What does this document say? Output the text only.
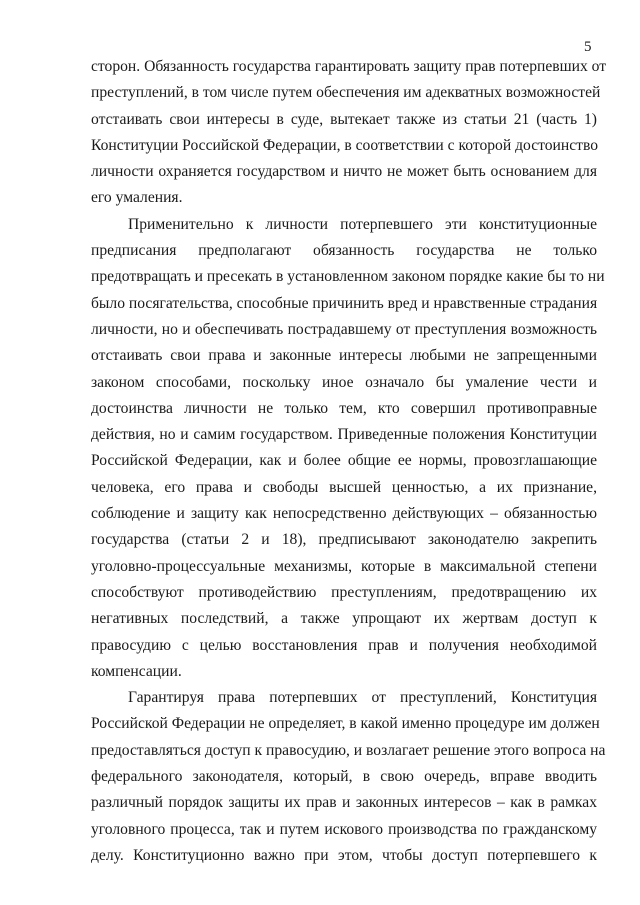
5

сторон. Обязанность государства гарантировать защиту прав потерпевших от
преступлений, в том числе путем обеспечения им адекватных возможностей
отстаивать свои интересы в суде, вытекает также из статьи 21 (часть 1)
Конституции Российской Федерации, в соответствии с которой достоинство
личности охраняется государством и ничто не может быть основанием для
его умаления.

Применительно к личности потерпевшего эти конституционные
предписания предполагают обязанность государства не только
предотвращать и пресекать в установленном законом порядке какие бы то ни
было посягательства, способные причинить вред и нравственные страдания
личности, но и обеспечивать пострадавшему от преступления возможность
отстаивать свои права и законные интересы любыми не запрещенными
законом способами, поскольку иное означало бы умаление чести и
достоинства личности не только тем, кто совершил противоправные
действия, но и самим государством. Приведенные положения Конституции
Российской Федерации, как и более общие ее нормы, провозглашающие
человека, его права и свободы высшей ценностью, а их признание,
соблюдение и защиту как непосредственно действующих – обязанностью
государства (статьи 2 и 18), предписывают законодателю закрепить
уголовно-процессуальные механизмы, которые в максимальной степени
способствуют противодействию преступлениям, предотвращению их
негативных последствий, а также упрощают их жертвам доступ к
правосудию с целью восстановления прав и получения необходимой
компенсации.

Гарантируя права потерпевших от преступлений, Конституция
Российской Федерации не определяет, в какой именно процедуре им должен
предоставляться доступ к правосудию, и возлагает решение этого вопроса на
федерального законодателя, который, в свою очередь, вправе вводить
различный порядок защиты их прав и законных интересов – как в рамках
уголовного процесса, так и путем искового производства по гражданскому
делу. Конституционно важно при этом, чтобы доступ потерпевшего к
